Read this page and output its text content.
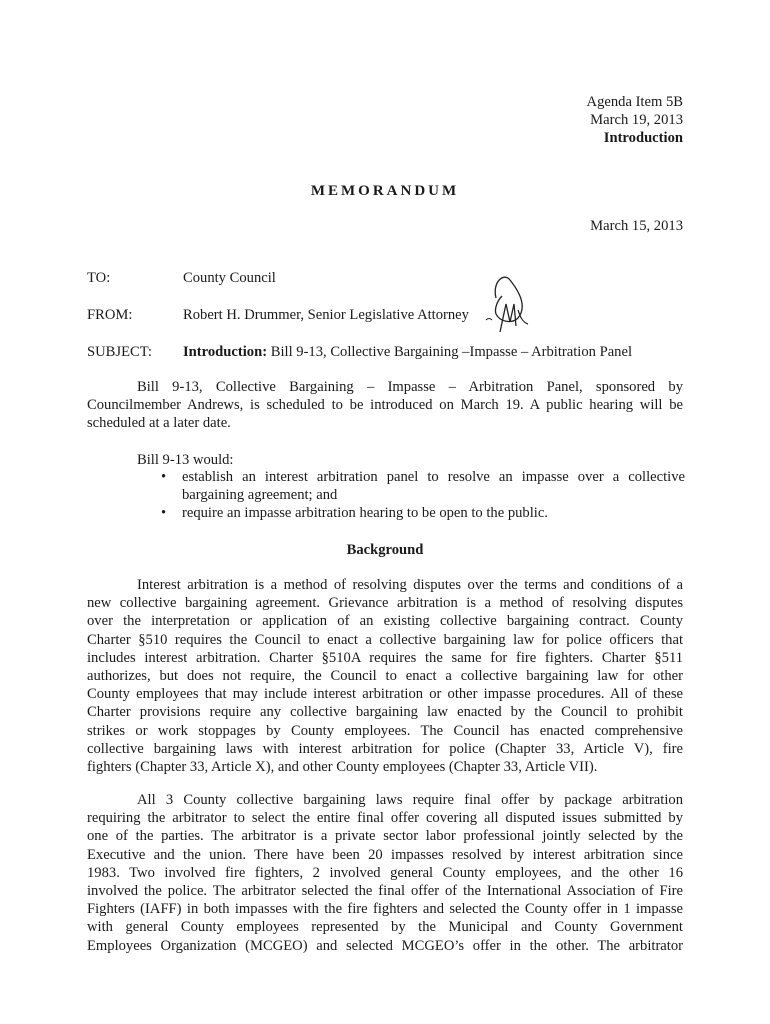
Agenda Item 5B
March 19, 2013
Introduction
MEMORANDUM
March 15, 2013
TO:	County Council
FROM:	Robert H. Drummer, Senior Legislative Attorney
SUBJECT: Introduction: Bill 9-13, Collective Bargaining –Impasse – Arbitration Panel
Bill 9-13, Collective Bargaining – Impasse – Arbitration Panel, sponsored by
Councilmember Andrews, is scheduled to be introduced on March 19. A public hearing will be
scheduled at a later date.
Bill 9-13 would:
• establish an interest arbitration panel to resolve an impasse over a collective bargaining agreement; and
• require an impasse arbitration hearing to be open to the public.
Background
Interest arbitration is a method of resolving disputes over the terms and conditions of a
new collective bargaining agreement. Grievance arbitration is a method of resolving disputes
over the interpretation or application of an existing collective bargaining contract. County
Charter §510 requires the Council to enact a collective bargaining law for police officers that
includes interest arbitration. Charter §510A requires the same for fire fighters. Charter §511
authorizes, but does not require, the Council to enact a collective bargaining law for other
County employees that may include interest arbitration or other impasse procedures. All of these
Charter provisions require any collective bargaining law enacted by the Council to prohibit
strikes or work stoppages by County employees. The Council has enacted comprehensive
collective bargaining laws with interest arbitration for police (Chapter 33, Article V), fire
fighters (Chapter 33, Article X), and other County employees (Chapter 33, Article VII).
All 3 County collective bargaining laws require final offer by package arbitration
requiring the arbitrator to select the entire final offer covering all disputed issues submitted by
one of the parties. The arbitrator is a private sector labor professional jointly selected by the
Executive and the union. There have been 20 impasses resolved by interest arbitration since
1983. Two involved fire fighters, 2 involved general County employees, and the other 16
involved the police. The arbitrator selected the final offer of the International Association of Fire
Fighters (IAFF) in both impasses with the fire fighters and selected the County offer in 1 impasse
with general County employees represented by the Municipal and County Government
Employees Organization (MCGEO) and selected MCGEO’s offer in the other. The arbitrator
